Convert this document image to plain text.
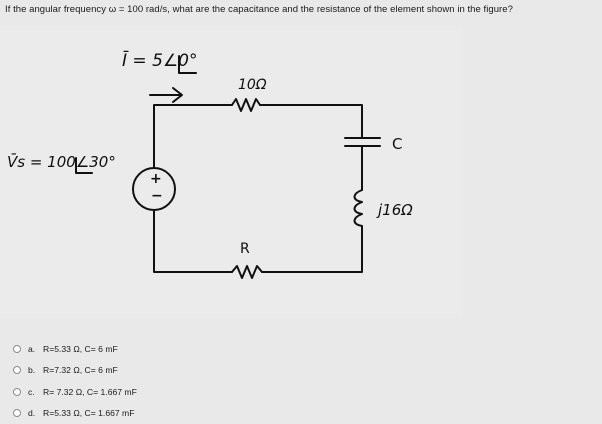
If the angular frequency ω = 100 rad/s, what are the capacitance and the resistance of the element shown in the figure?
Ī = 5∠0°
10Ω
V̄s = 100∠30°
+
−
C
j16Ω
R
a. R=5.33 Ω, C= 6 mF
b. R=7.32 Ω, C= 6 mF
c. R= 7.32 Ω, C= 1.667 mF
d. R=5.33 Ω, C= 1.667 mF
